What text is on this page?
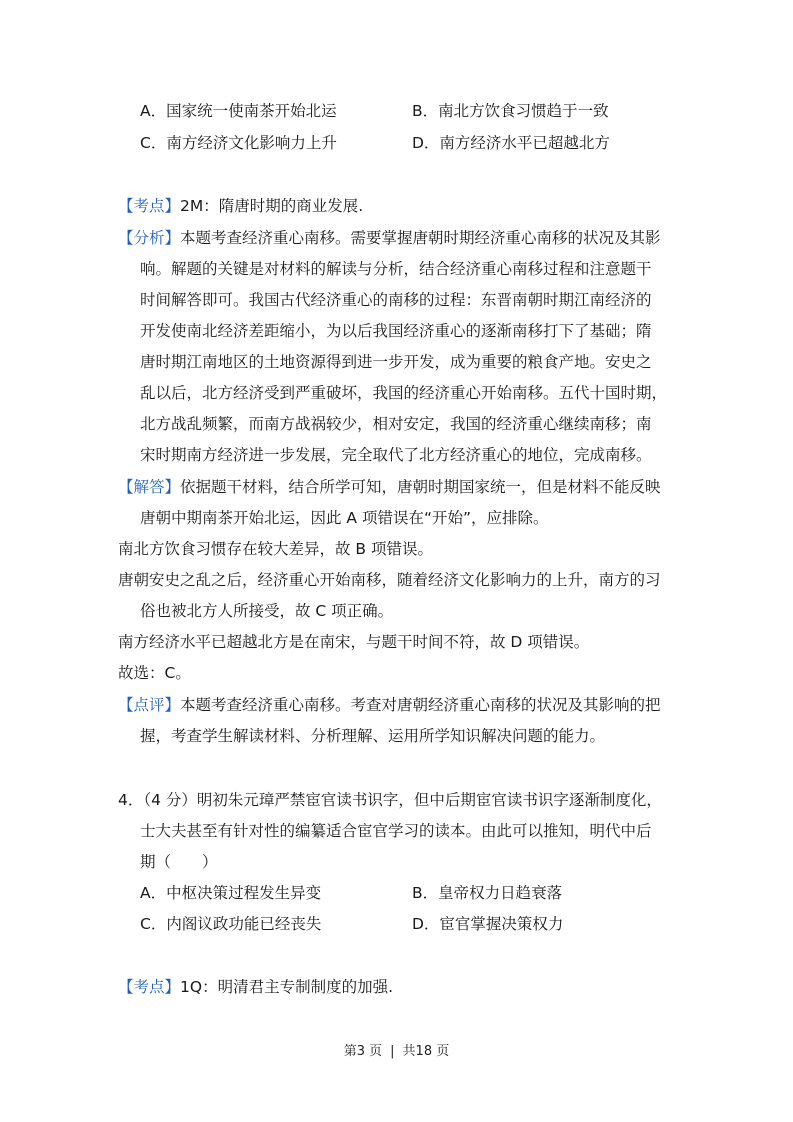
A．国家统一使南茶开始北运	B．南北方饮食习惯趋于一致
C．南方经济文化影响力上升	D．南方经济水平已超越北方
【考点】2M：隋唐时期的商业发展.
【分析】本题考查经济重心南移。需要掌握唐朝时期经济重心南移的状况及其影
响。解题的关键是对材料的解读与分析，结合经济重心南移过程和注意题干
时间解答即可。我国古代经济重心的南移的过程：东晋南朝时期江南经济的
开发使南北经济差距缩小，为以后我国经济重心的逐渐南移打下了基础；隋
唐时期江南地区的土地资源得到进一步开发，成为重要的粮食产地。安史之
乱以后，北方经济受到严重破坏，我国的经济重心开始南移。五代十国时期，
北方战乱频繁，而南方战祸较少，相对安定，我国的经济重心继续南移；南
宋时期南方经济进一步发展，完全取代了北方经济重心的地位，完成南移。
【解答】依据题干材料，结合所学可知，唐朝时期国家统一，但是材料不能反映
唐朝中期南茶开始北运，因此 A 项错误在“开始”，应排除。
南北方饮食习惯存在较大差异，故 B 项错误。
唐朝安史之乱之后，经济重心开始南移，随着经济文化影响力的上升，南方的习
俗也被北方人所接受，故 C 项正确。
南方经济水平已超越北方是在南宋，与题干时间不符，故 D 项错误。
故选：C。
【点评】本题考查经济重心南移。考查对唐朝经济重心南移的状况及其影响的把
握，考查学生解读材料、分析理解、运用所学知识解决问题的能力。
4．（4 分）明初朱元璋严禁宦官读书识字，但中后期宦官读书识字逐渐制度化，
士大夫甚至有针对性的编纂适合宦官学习的读本。由此可以推知，明代中后
期（　　）
A．中枢决策过程发生异变	B．皇帝权力日趋衰落
C．内阁议政功能已经丧失	D．宦官掌握决策权力
【考点】1Q：明清君主专制制度的加强.
第3 页 | 共18 页
